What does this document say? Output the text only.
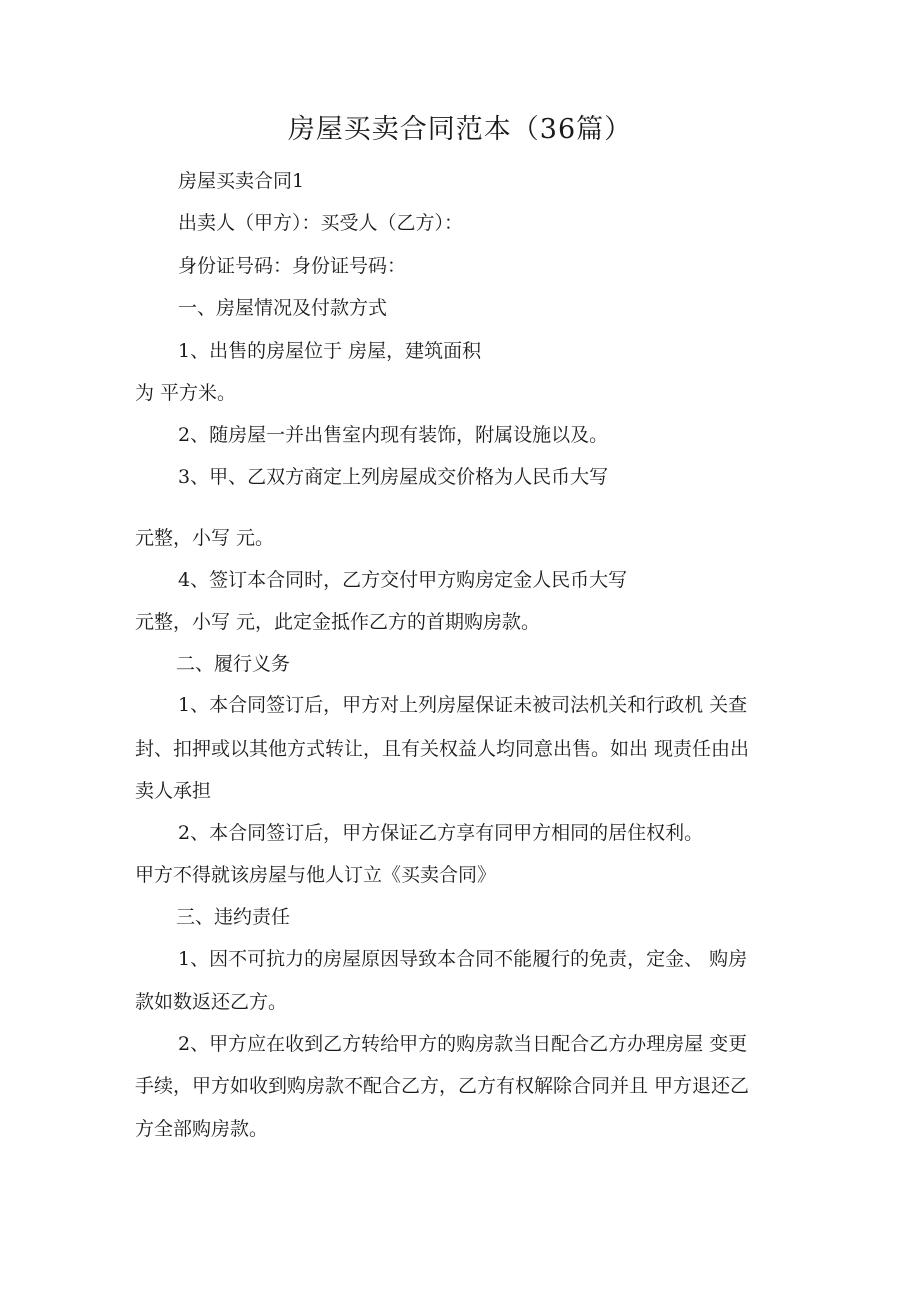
房屋买卖合同范本（36篇）
房屋买卖合同1
出卖人（甲方）：买受人（乙方）：
身份证号码：身份证号码：
一、房屋情况及付款方式
1、出售的房屋位于 房屋，建筑面积
为 平方米。
2、随房屋一并出售室内现有装饰，附属设施以及。
3、甲、乙双方商定上列房屋成交价格为人民币大写
元整，小写 元。
4、签订本合同时，乙方交付甲方购房定金人民币大写
元整，小写 元，此定金抵作乙方的首期购房款。
二、履行义务
1、本合同签订后，甲方对上列房屋保证未被司法机关和行政机 关查
封、扣押或以其他方式转让，且有关权益人均同意出售。如出 现责任由出
卖人承担
2、本合同签订后，甲方保证乙方享有同甲方相同的居住权利。
甲方不得就该房屋与他人订立《买卖合同》
三、违约责任
1、因不可抗力的房屋原因导致本合同不能履行的免责，定金、 购房
款如数返还乙方。
2、甲方应在收到乙方转给甲方的购房款当日配合乙方办理房屋 变更
手续，甲方如收到购房款不配合乙方，乙方有权解除合同并且 甲方退还乙
方全部购房款。
